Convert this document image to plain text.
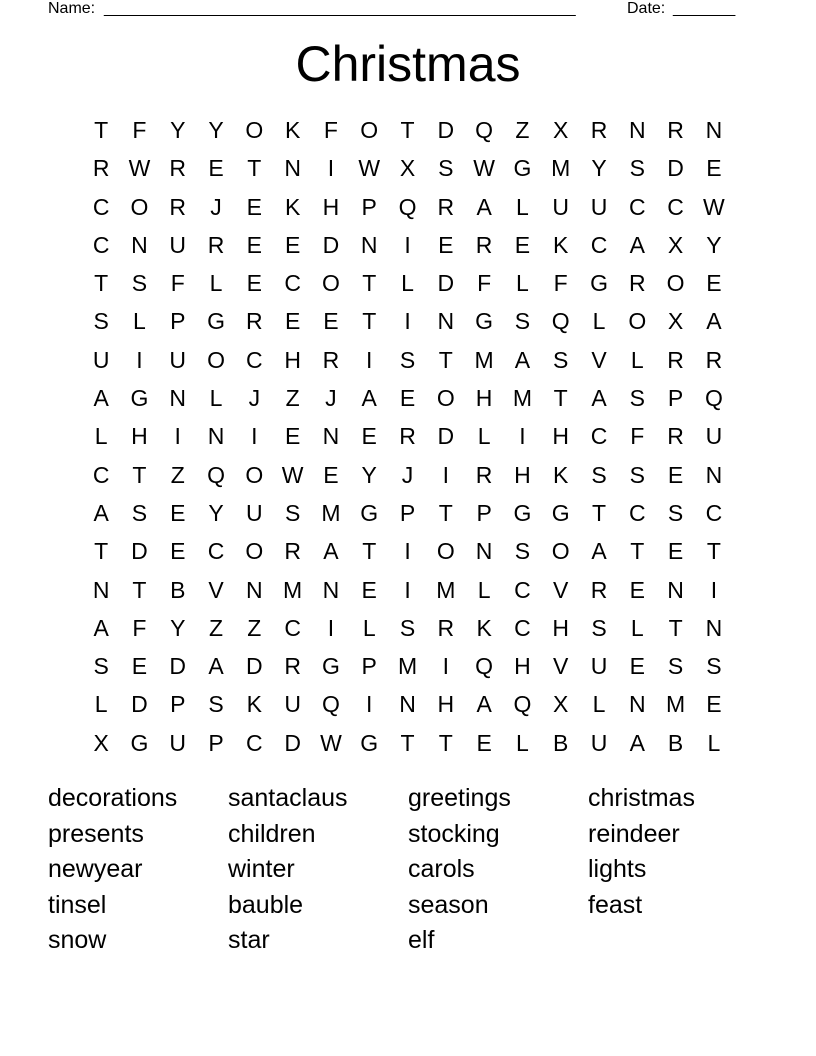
Name: _____________________________________________________	Date: _______
Christmas
T	F	Y Y O K	F O T D Q Z	X R N R N
R W R E	T N	I	W X S W G M Y S D E
C O R	J	E K H P Q R A	L	U U C C W
C N U R E E D N	I	E R E K C A X Y
T	S	F	L	E C O T	L	D F	L	F G R O E
S	L	P G R E E	T	I	N G S Q L O X A
U	I	U O C H R	I	S	T M A S V	L	R R
A G N	L	J	Z	J	A E O H M T	A S P Q
L	H	I	N	I	E N E R D	L	I	H C F R U
C T	Z Q O W E Y	J	I	R H K S S E N
A S E Y U S M G P	T	P G G T C S C
T D E C O R A	T	I	O N S O A	T	E	T
N T	B V N M N E	I	M L	C V R E N	I
A	F	Y	Z	Z C	I	L	S R K C H S	L	T N
S E D A D R G P M	I	Q H V U E S S
L	D P S K U Q	I	N H A Q X	L	N M E
X G U P C D W G T	T	E	L	B U A B	L
decorations	santaclaus	greetings	christmas
presents	children	stocking	reindeer
newyear	winter	carols	lights
tinsel	bauble	season	feast
snow	star	elf
